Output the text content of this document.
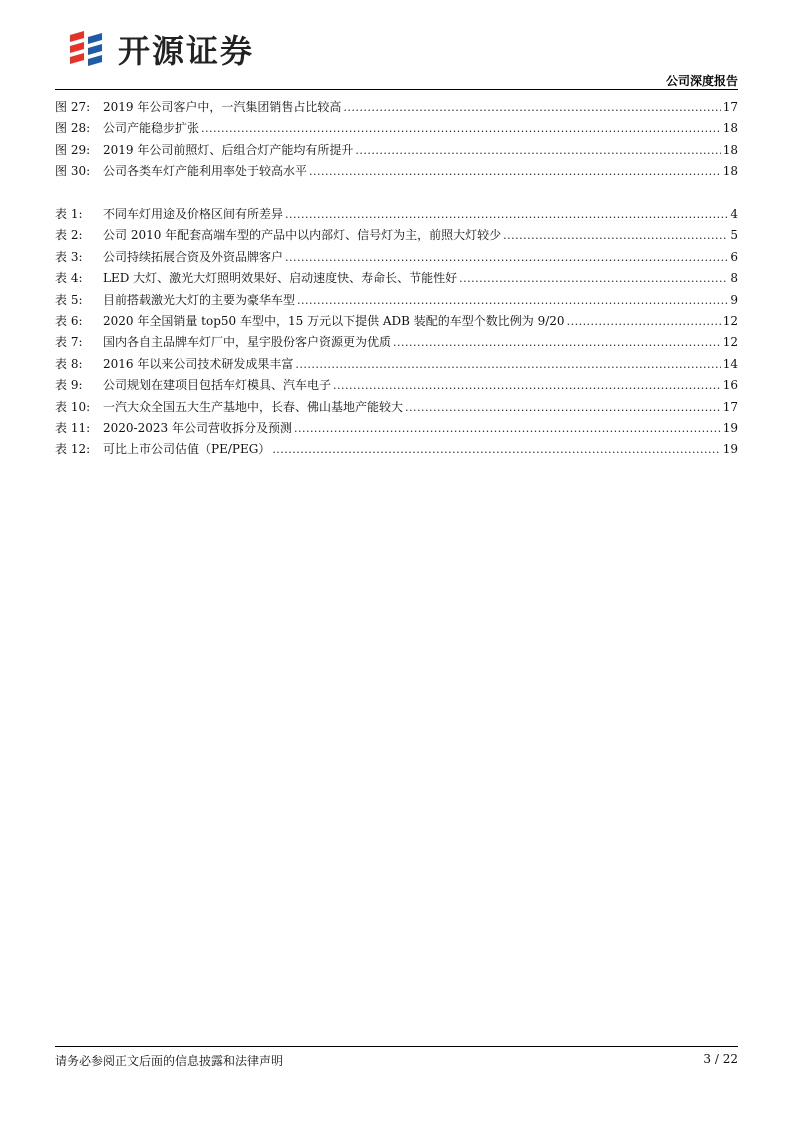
开源证券
公司深度报告
图 27:	2019 年公司客户中，一汽集团销售占比较高 .....	17
图 28:	公司产能稳步扩张 .....	18
图 29:	2019 年公司前照灯、后组合灯产能均有所提升 .....	18
图 30:	公司各类车灯产能利用率处于较高水平 .....	18
表 1:	不同车灯用途及价格区间有所差异 .....	4
表 2:	公司 2010 年配套高端车型的产品中以内部灯、信号灯为主，前照大灯较少 .....	5
表 3:	公司持续拓展合资及外资品牌客户 .....	6
表 4:	LED 大灯、激光大灯照明效果好、启动速度快、寿命长、节能性好 .....	8
表 5:	目前搭载激光大灯的主要为豪华车型 .....	9
表 6:	2020 年全国销量 top50 车型中，15 万元以下提供 ADB 装配的车型个数比例为 9/20 .....	12
表 7:	国内各自主品牌车灯厂中，星宇股份客户资源更为优质 .....	12
表 8:	2016 年以来公司技术研发成果丰富 .....	14
表 9:	公司规划在建项目包括车灯模具、汽车电子 .....	16
表 10:	一汽大众全国五大生产基地中，长春、佛山基地产能较大 .....	17
表 11:	2020-2023 年公司营收拆分及预测 .....	19
表 12:	可比上市公司估值（PE/PEG） .....	19
请务必参阅正文后面的信息披露和法律声明	3 / 22
